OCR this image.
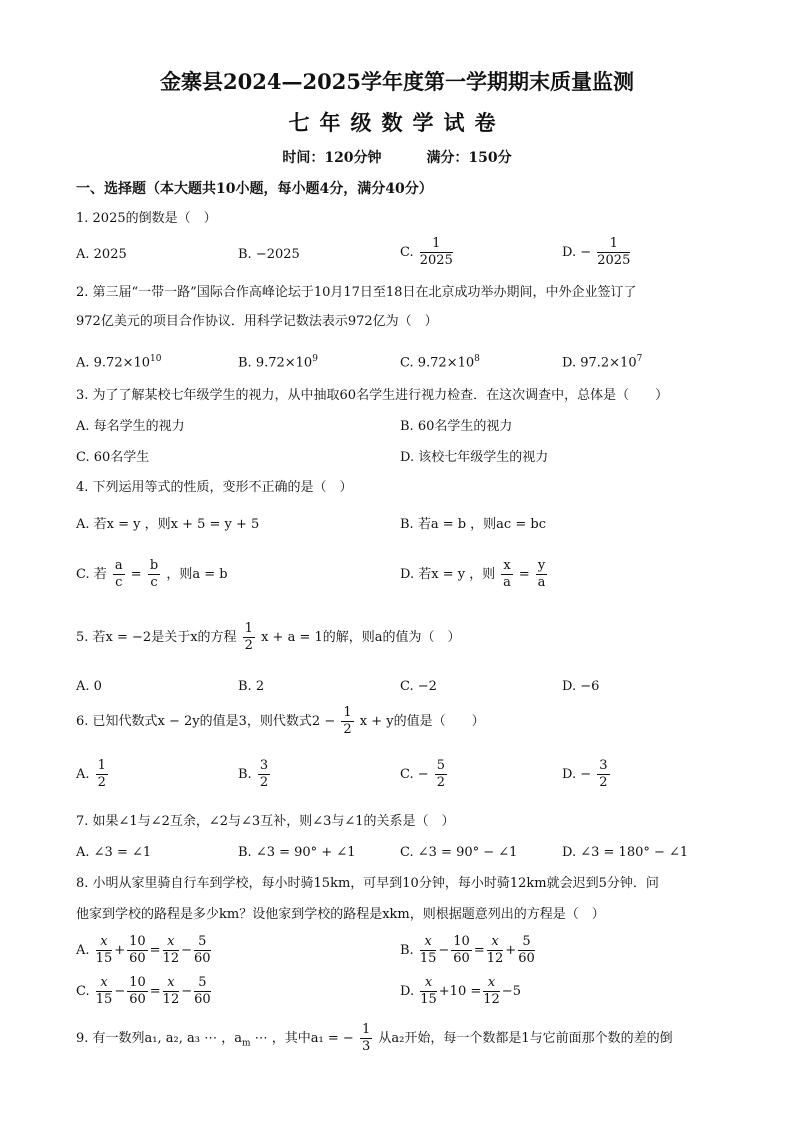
金寨县2024—2025学年度第一学期期末质量监测
七年级数学试卷
时间：120分钟	满分：150分
一、选择题（本大题共10小题，每小题4分，满分40分）
1. 2025的倒数是（　）
A. 2025	B. −2025	C. $\frac{1}{2025}$	D. − $\frac{1}{2025}$
2. 第三届“一带一路”国际合作高峰论坛于10月17日至18日在北京成功举办期间，中外企业签订了
972亿美元的项目合作协议．用科学记数法表示972亿为（　）
A. $9.72\times 10^{10}$	B. $9.72\times 10^9$	C. $9.72\times 10^8$	D. $97.2\times 10^7$
3. 为了了解某校七年级学生的视力，从中抽取60名学生进行视力检查．在这次调查中，总体是（　　）
A. 每名学生的视力	B. 60名学生的视力
C. 60名学生	D. 该校七年级学生的视力
4. 下列运用等式的性质，变形不正确的是（　）
A. 若x = y ，则x + 5 = y + 5	B. 若a = b ，则ac = bc
C. 若 $\frac{a}{c} = \frac{b}{c}$ ，则a = b	D. 若x = y ，则 $\frac{x}{a} = \frac{y}{a}$
5. 若x = −2是关于x的方程 $\frac{1}{2}$ x + a = 1的解，则a的值为（　）
A. 0	B. 2	C. −2	D. −6
6. 已知代数式x − 2y的值是3，则代数式$2 - \frac{1}{2}$ x + y的值是（　　）
A. $\frac{1}{2}$	B. $\frac{3}{2}$	C. − $\frac{5}{2}$	D. − $\frac{3}{2}$
7. 如果∠1与∠2互余，∠2与∠3互补，则∠3与∠1的关系是（　）
A. ∠3 = ∠1	B. ∠3 = 90° + ∠1	C. ∠3 = 90° − ∠1	D. ∠3 = 180° − ∠1
8. 小明从家里骑自行车到学校，每小时骑15km，可早到10分钟，每小时骑12km就会迟到5分钟．问
他家到学校的路程是多少km？设他家到学校的路程是xkm，则根据题意列出的方程是（　）
A. $\frac{x}{15} + \frac{10}{60} = \frac{x}{12} - \frac{5}{60}$	B. $\frac{x}{15} - \frac{10}{60} = \frac{x}{12} + \frac{5}{60}$
C. $\frac{x}{15} - \frac{10}{60} = \frac{x}{12} - \frac{5}{60}$	D. $\frac{x}{15} +10 = \frac{x}{12} -5$
9. 有一数列a₁, a₂, a₃ ⋯ ，$a_m$ ⋯ ，其中a₁ = − $\frac{1}{3}$ 从a₂开始，每一个数都是1与它前面那个数的差的倒
